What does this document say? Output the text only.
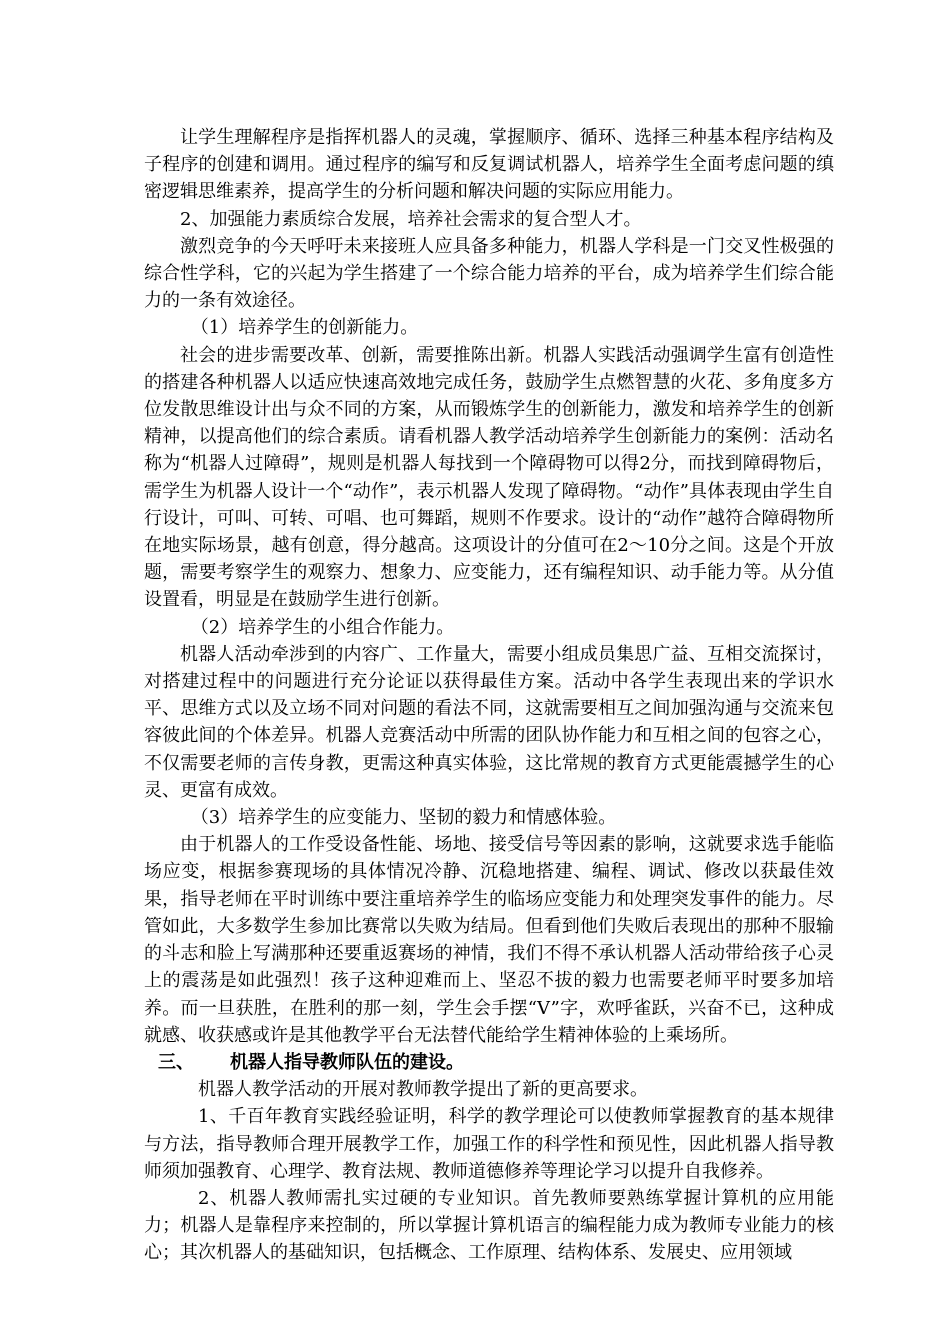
让学生理解程序是指挥机器人的灵魂，掌握顺序、循环、选择三种基本程序结构及子程序的创建和调用。通过程序的编写和反复调试机器人，培养学生全面考虑问题的缜密逻辑思维素养，提高学生的分析问题和解决问题的实际应用能力。

2、加强能力素质综合发展，培养社会需求的复合型人才。

激烈竞争的今天呼吁未来接班人应具备多种能力，机器人学科是一门交叉性极强的综合性学科，它的兴起为学生搭建了一个综合能力培养的平台，成为培养学生们综合能力的一条有效途径。

（1）培养学生的创新能力。

社会的进步需要改革、创新，需要推陈出新。机器人实践活动强调学生富有创造性的搭建各种机器人以适应快速高效地完成任务，鼓励学生点燃智慧的火花、多角度多方位发散思维设计出与众不同的方案，从而锻炼学生的创新能力，激发和培养学生的创新精神，以提高他们的综合素质。请看机器人教学活动培养学生创新能力的案例：活动名称为“机器人过障碍”，规则是机器人每找到一个障碍物可以得2分，而找到障碍物后，需学生为机器人设计一个“动作”，表示机器人发现了障碍物。“动作”具体表现由学生自行设计，可叫、可转、可唱、也可舞蹈，规则不作要求。设计的“动作”越符合障碍物所在地实际场景，越有创意，得分越高。这项设计的分值可在2～10分之间。这是个开放题，需要考察学生的观察力、想象力、应变能力，还有编程知识、动手能力等。从分值设置看，明显是在鼓励学生进行创新。

（2）培养学生的小组合作能力。

机器人活动牵涉到的内容广、工作量大，需要小组成员集思广益、互相交流探讨，对搭建过程中的问题进行充分论证以获得最佳方案。活动中各学生表现出来的学识水平、思维方式以及立场不同对问题的看法不同，这就需要相互之间加强沟通与交流来包容彼此间的个体差异。机器人竞赛活动中所需的团队协作能力和互相之间的包容之心，不仅需要老师的言传身教，更需这种真实体验，这比常规的教育方式更能震撼学生的心灵、更富有成效。

（3）培养学生的应变能力、坚韧的毅力和情感体验。

由于机器人的工作受设备性能、场地、接受信号等因素的影响，这就要求选手能临场应变，根据参赛现场的具体情况冷静、沉稳地搭建、编程、调试、修改以获最佳效果，指导老师在平时训练中要注重培养学生的临场应变能力和处理突发事件的能力。尽管如此，大多数学生参加比赛常以失败为结局。但看到他们失败后表现出的那种不服输的斗志和脸上写满那种还要重返赛场的神情，我们不得不承认机器人活动带给孩子心灵上的震荡是如此强烈！孩子这种迎难而上、坚忍不拔的毅力也需要老师平时要多加培养。而一旦获胜，在胜利的那一刻，学生会手摆“V”字，欢呼雀跃，兴奋不已，这种成就感、收获感或许是其他教学平台无法替代能给学生精神体验的上乘场所。

三、 机器人指导教师队伍的建设。

机器人教学活动的开展对教师教学提出了新的更高要求。

1、千百年教育实践经验证明，科学的教学理论可以使教师掌握教育的基本规律与方法，指导教师合理开展教学工作，加强工作的科学性和预见性，因此机器人指导教师须加强教育、心理学、教育法规、教师道德修养等理论学习以提升自我修养。

2、机器人教师需扎实过硬的专业知识。首先教师要熟练掌握计算机的应用能力；机器人是靠程序来控制的，所以掌握计算机语言的编程能力成为教师专业能力的核心；其次机器人的基础知识，包括概念、工作原理、结构体系、发展史、应用领域
